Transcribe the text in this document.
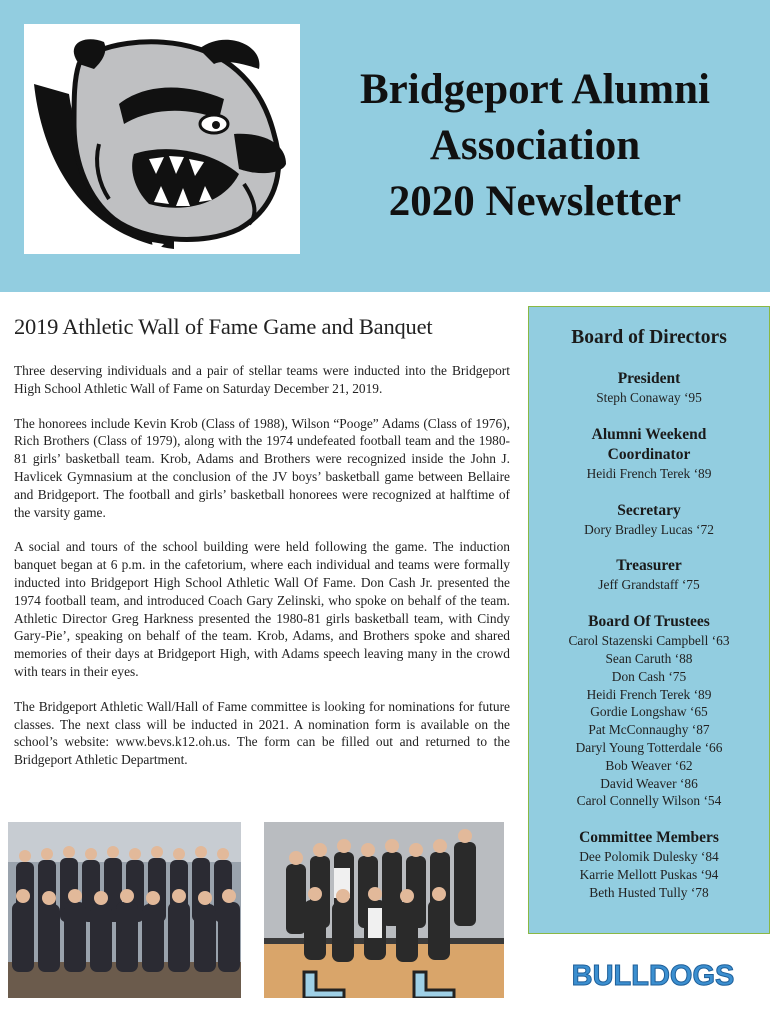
Bridgeport Alumni
Association
2020 Newsletter
2019 Athletic Wall of Fame Game and Banquet

Three deserving individuals and a pair of stellar teams were inducted into the Bridgeport High School Athletic Wall of Fame on Saturday December 21, 2019.

The honorees include Kevin Krob (Class of 1988), Wilson “Pooge” Adams (Class of 1976), Rich Brothers (Class of 1979), along with the 1974 undefeated football team and the 1980-81 girls’ basketball team. Krob, Adams and Brothers were recognized inside the John J. Havlicek Gymnasium at the conclusion of the JV boys’ basketball game between Bellaire and Bridgeport. The football and girls’ basketball honorees were recognized at halftime of the varsity game.

A social and tours of the school building were held following the game. The induction banquet began at 6 p.m. in the cafetorium, where each individual and teams were formally inducted into Bridgeport High School Athletic Wall Of Fame. Don Cash Jr. presented the 1974 football team, and introduced Coach Gary Zelinski, who spoke on behalf of the team. Athletic Director Greg Harkness presented the 1980-81 girls basketball team, with Cindy Gary-Pie’, speaking on behalf of the team. Krob, Adams, and Brothers spoke and shared memories of their days at Bridgeport High, with Adams speech leaving many in the crowd with tears in their eyes.

The Bridgeport Athletic Wall/Hall of Fame committee is looking for nominations for future classes. The next class will be inducted in 2021. A nomination form is available on the school’s website: www.bevs.k12.oh.us. The form can be filled out and returned to the Bridgeport Athletic Department.

Board of Directors
President
Steph Conaway ‘95
Alumni Weekend Coordinator
Heidi French Terek ‘89
Secretary
Dory Bradley Lucas ‘72
Treasurer
Jeff Grandstaff ‘75
Board Of Trustees
Carol Stazenski Campbell ‘63
Sean Caruth ‘88
Don Cash ‘75
Heidi French Terek ‘89
Gordie Longshaw ‘65
Pat McConnaughy ‘87
Daryl Young Totterdale ‘66
Bob Weaver ‘62
David Weaver ‘86
Carol Connelly Wilson ‘54
Committee Members
Dee Polomik Dulesky ‘84
Karrie Mellott Puskas ‘94
Beth Husted Tully ‘78
BULLDOGS
